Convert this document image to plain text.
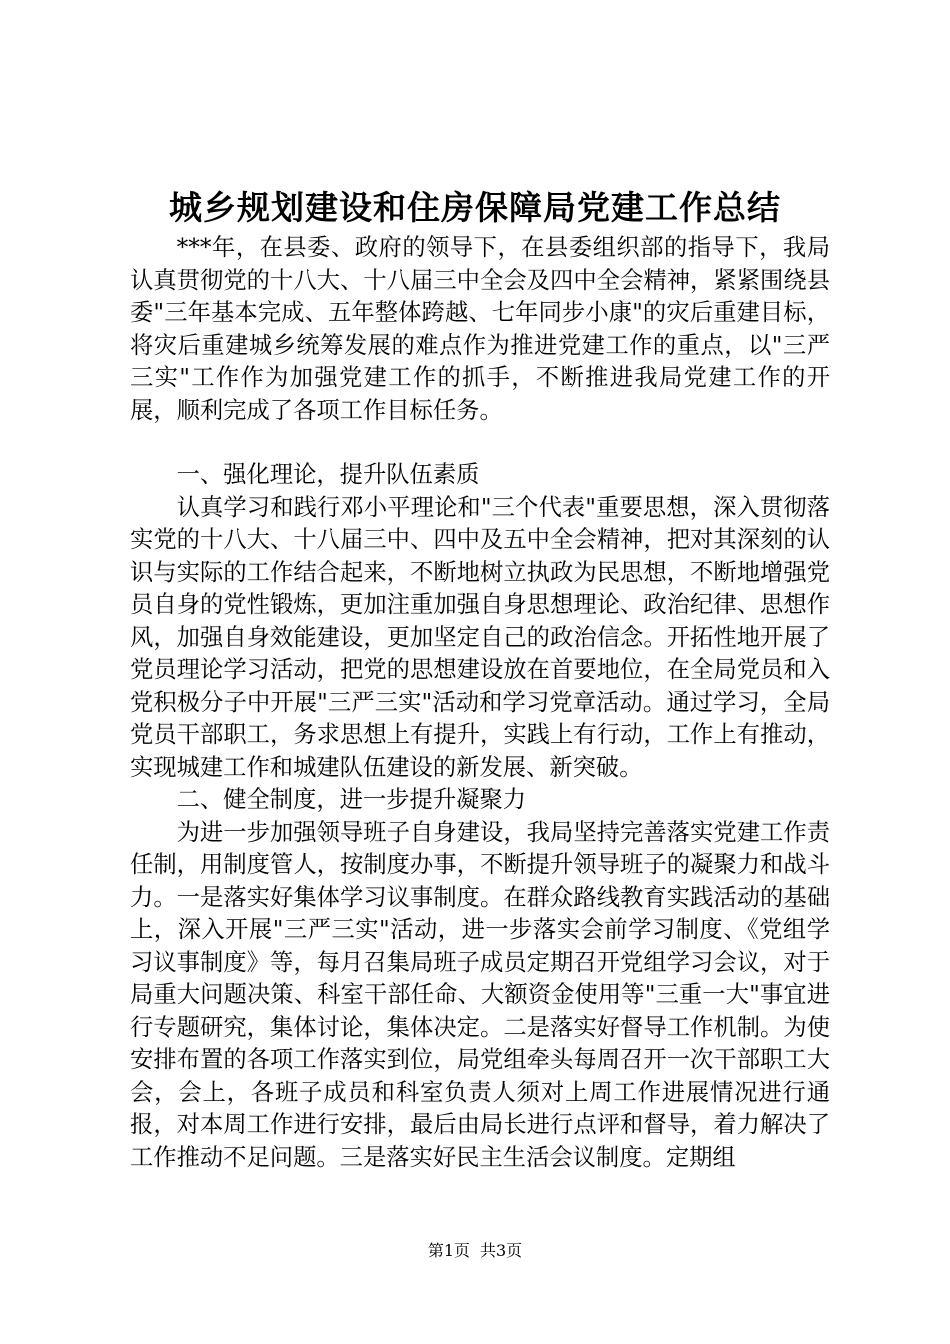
城乡规划建设和住房保障局党建工作总结

***年，在县委、政府的领导下，在县委组织部的指导下，我局认真贯彻党的十八大、十八届三中全会及四中全会精神，紧紧围绕县委"三年基本完成、五年整体跨越、七年同步小康"的灾后重建目标，将灾后重建城乡统筹发展的难点作为推进党建工作的重点，以"三严三实"工作作为加强党建工作的抓手，不断推进我局党建工作的开展，顺利完成了各项工作目标任务。

一、强化理论，提升队伍素质

认真学习和践行邓小平理论和"三个代表"重要思想，深入贯彻落实党的十八大、十八届三中、四中及五中全会精神，把对其深刻的认识与实际的工作结合起来，不断地树立执政为民思想，不断地增强党员自身的党性锻炼，更加注重加强自身思想理论、政治纪律、思想作风，加强自身效能建设，更加坚定自己的政治信念。开拓性地开展了党员理论学习活动，把党的思想建设放在首要地位，在全局党员和入党积极分子中开展"三严三实"活动和学习党章活动。通过学习，全局党员干部职工，务求思想上有提升，实践上有行动，工作上有推动，实现城建工作和城建队伍建设的新发展、新突破。

二、健全制度，进一步提升凝聚力

为进一步加强领导班子自身建设，我局坚持完善落实党建工作责任制，用制度管人，按制度办事，不断提升领导班子的凝聚力和战斗力。一是落实好集体学习议事制度。在群众路线教育实践活动的基础上，深入开展"三严三实"活动，进一步落实会前学习制度、《党组学习议事制度》等，每月召集局班子成员定期召开党组学习会议，对于局重大问题决策、科室干部任命、大额资金使用等"三重一大"事宜进行专题研究，集体讨论，集体决定。二是落实好督导工作机制。为使安排布置的各项工作落实到位，局党组牵头每周召开一次干部职工大会，会上，各班子成员和科室负责人须对上周工作进展情况进行通报，对本周工作进行安排，最后由局长进行点评和督导，着力解决了工作推动不足问题。三是落实好民主生活会议制度。定期组

第1页 共3页
